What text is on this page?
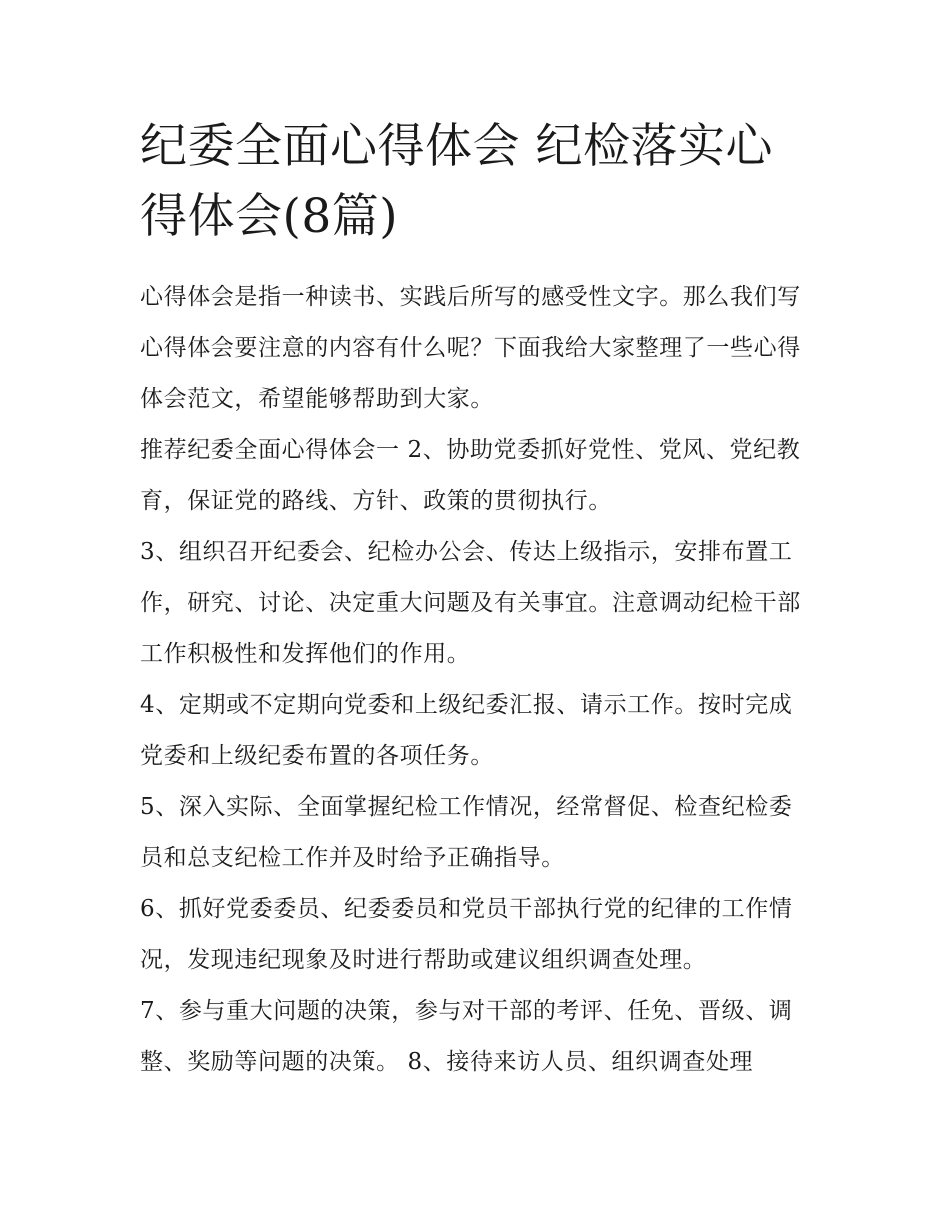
纪委全面心得体会 纪检落实心得体会(8篇)

心得体会是指一种读书、实践后所写的感受性文字。那么我们写心得体会要注意的内容有什么呢？下面我给大家整理了一些心得体会范文，希望能够帮助到大家。

推荐纪委全面心得体会一 2、协助党委抓好党性、党风、党纪教育，保证党的路线、方针、政策的贯彻执行。

3、组织召开纪委会、纪检办公会、传达上级指示，安排布置工作，研究、讨论、决定重大问题及有关事宜。注意调动纪检干部工作积极性和发挥他们的作用。

4、定期或不定期向党委和上级纪委汇报、请示工作。按时完成党委和上级纪委布置的各项任务。

5、深入实际、全面掌握纪检工作情况，经常督促、检查纪检委员和总支纪检工作并及时给予正确指导。

6、抓好党委委员、纪委委员和党员干部执行党的纪律的工作情况，发现违纪现象及时进行帮助或建议组织调查处理。

7、参与重大问题的决策，参与对干部的考评、任免、晋级、调整、奖励等问题的决策。 8、接待来访人员、组织调查处理
